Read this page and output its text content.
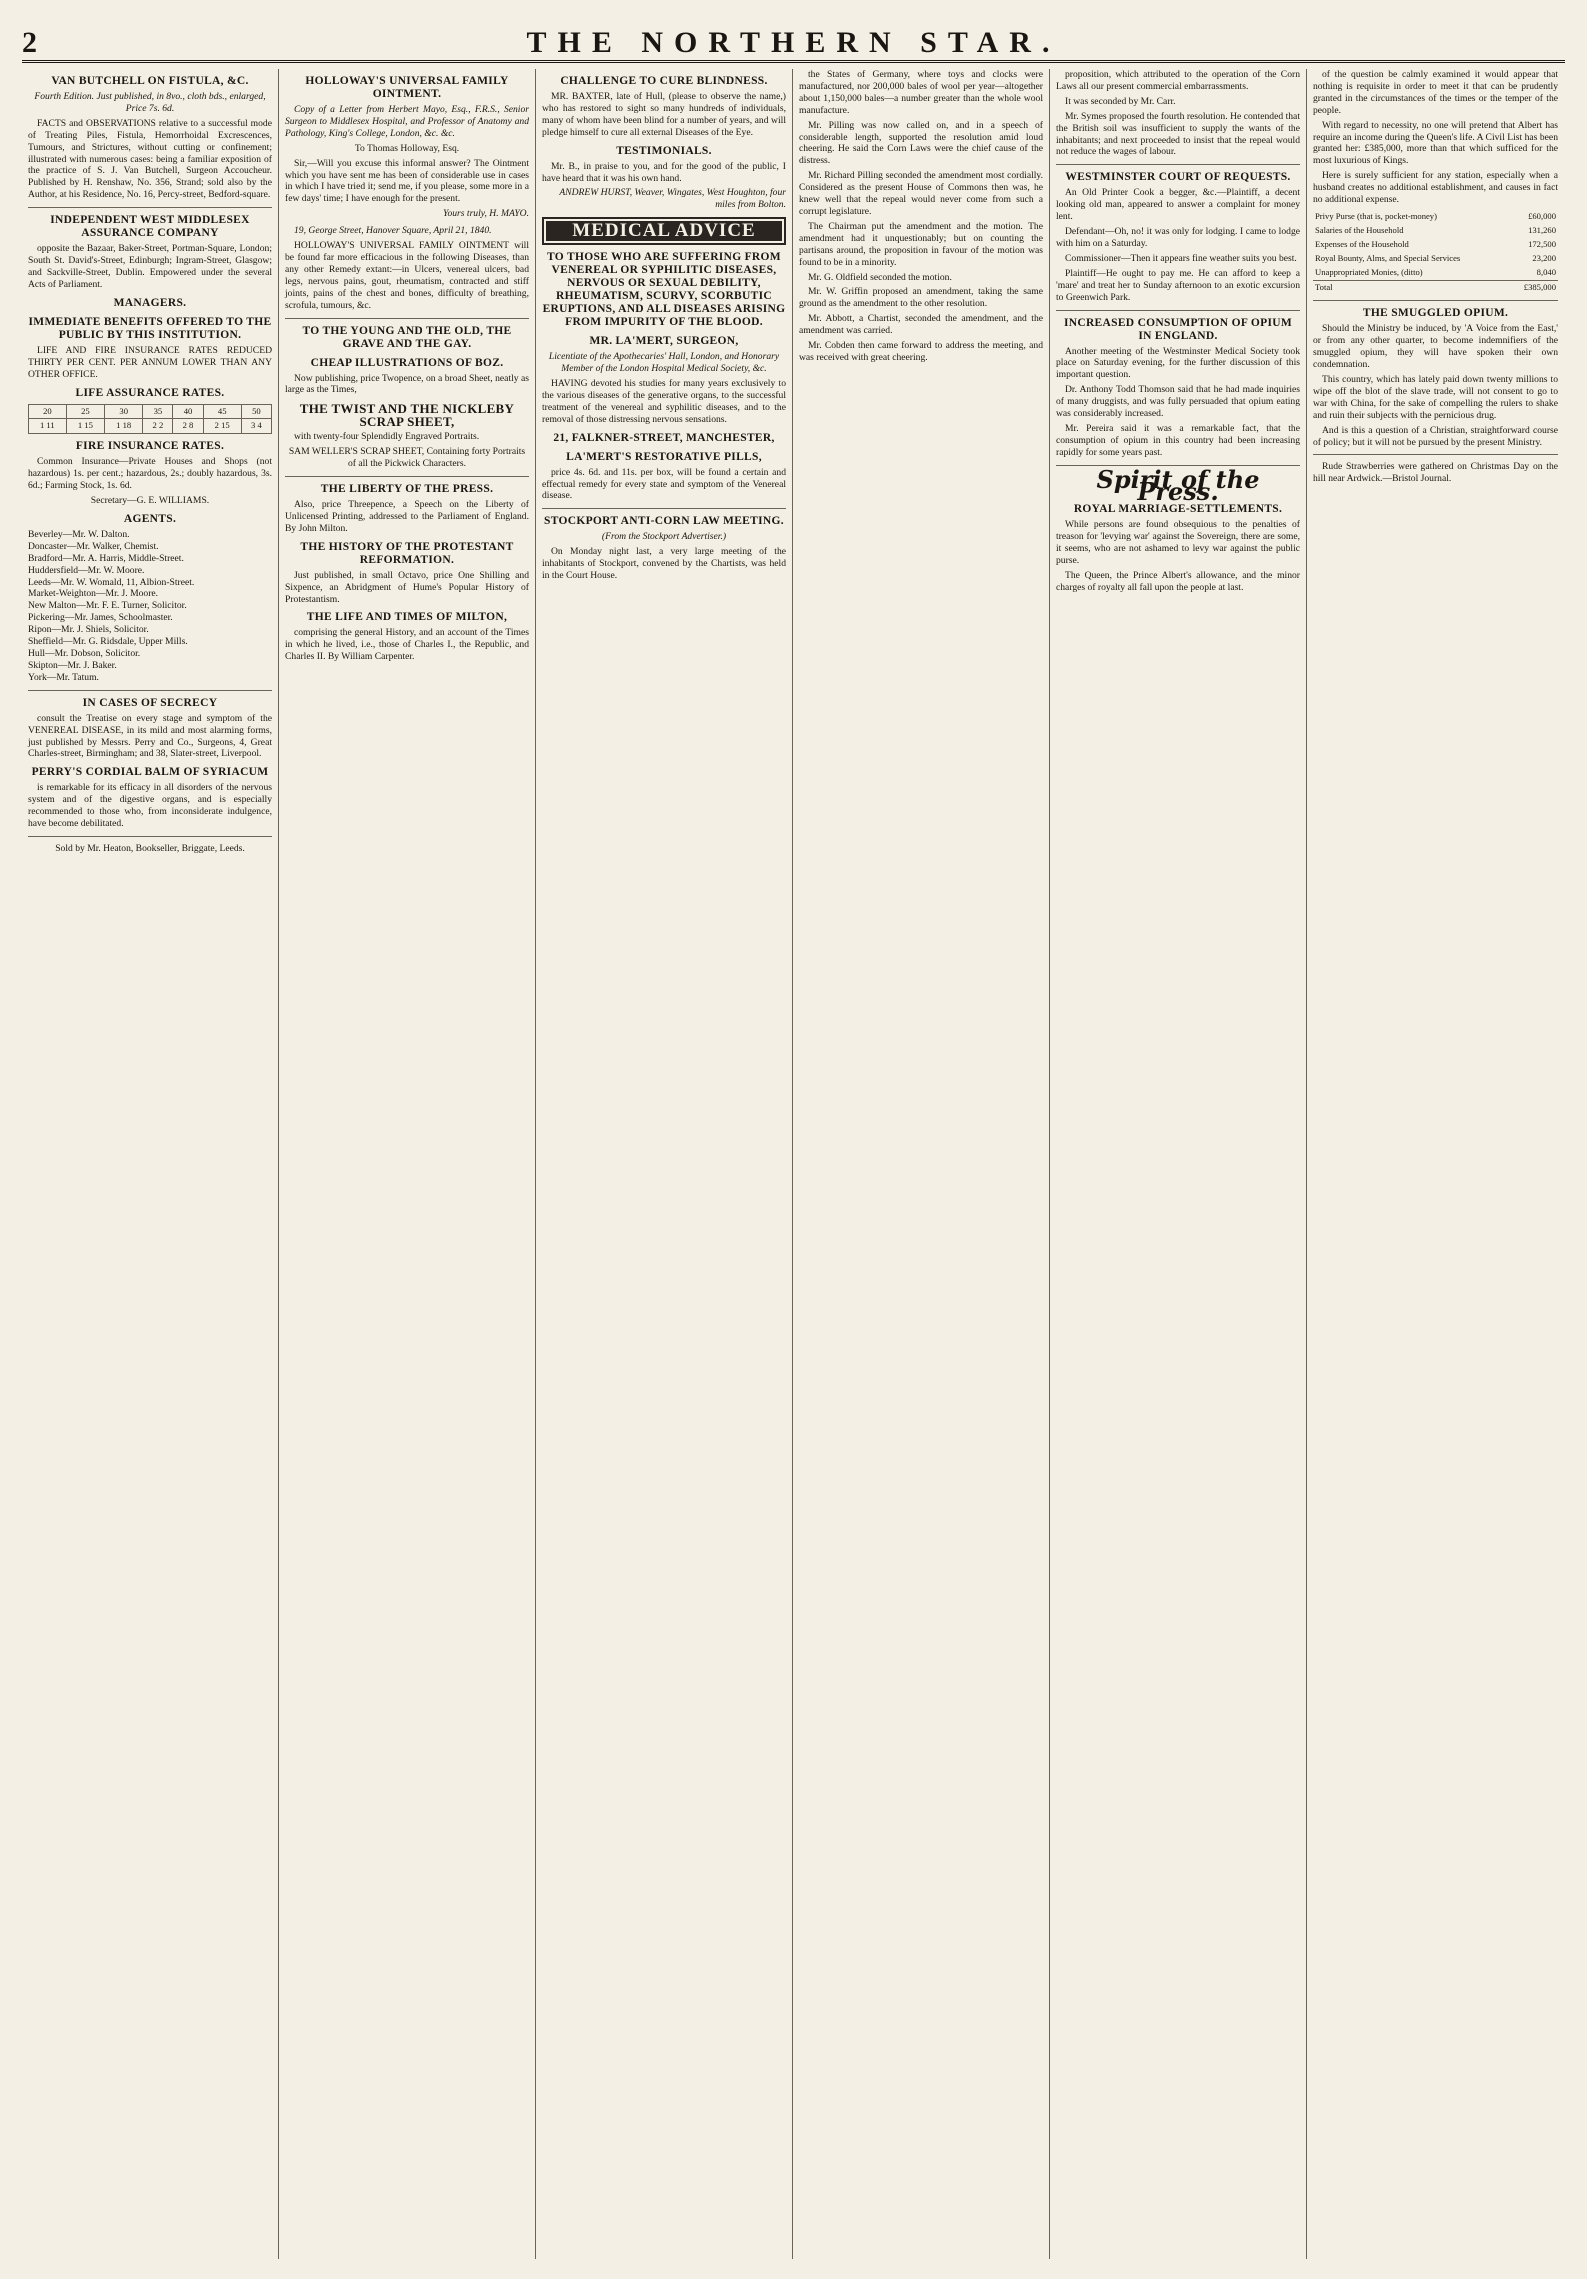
2	THE NORTHERN STAR.
VAN BUTCHELL ON FISTULA, &C.

Fourth Edition. Just published, in 8vo., cloth bds., enlarged, Price 7s. 6d.

FACTS and OBSERVATIONS relative to a successful mode of Treating Piles, Fistula, Hemorrhoidal Excrescences, Tumours, and Strictures, without cutting or confinement; illustrated with numerous cases: being a familiar exposition of the practice of S. J. Van Butchell, Surgeon Accoucheur. Published by H. Renshaw, No. 356, Strand; sold also by the Author, at his Residence, No. 16, Percy-street, Bedford-square.

INDEPENDENT WEST MIDDLESEX ASSURANCE COMPANY

opposite the Bazaar, Baker-Street, Portman-Square, London; South St. David's-Street, Edinburgh; Ingram-Street, Glasgow; and Sackville-Street, Dublin. Empowered under the several Acts of Parliament.

MANAGERS.
IMMEDIATE BENEFITS OFFERED TO THE PUBLIC BY THIS INSTITUTION.

LIFE AND FIRE INSURANCE RATES REDUCED THIRTY PER CENT. PER ANNUM LOWER THAN ANY OTHER OFFICE.

LIFE ASSURANCE RATES.
20	25	30	35	40	45	50
1 11	1 15	1 18	2 2	2 8	2 15	3 4
FIRE INSURANCE RATES.

Common Insurance—Private Houses and Shops (not hazardous) 1s. per cent.; hazardous, 2s.; doubly hazardous, 3s. 6d.; Farming Stock, 1s. 6d.

Secretary—G. E. WILLIAMS.

AGENTS.
Beverley—Mr. W. Dalton.
Doncaster—Mr. Walker, Chemist.
Bradford—Mr. A. Harris, Middle-Street.
Huddersfield—Mr. W. Moore.
Leeds—Mr. W. Womald, 11, Albion-Street.
Market-Weighton—Mr. J. Moore.
New Malton—Mr. F. E. Turner, Solicitor.
Pickering—Mr. James, Schoolmaster.
Ripon—Mr. J. Shiels, Solicitor.
Sheffield—Mr. G. Ridsdale, Upper Mills.
Hull—Mr. Dobson, Solicitor.
Skipton—Mr. J. Baker.
York—Mr. Tatum.
IN CASES OF SECRECY

consult the Treatise on every stage and symptom of the VENEREAL DISEASE, in its mild and most alarming forms, just published by Messrs. Perry and Co., Surgeons, 4, Great Charles-street, Birmingham; and 38, Slater-street, Liverpool.

PERRY'S CORDIAL BALM OF SYRIACUM

is remarkable for its efficacy in all disorders of the nervous system and of the digestive organs, and is especially recommended to those who, from inconsiderate indulgence, have become debilitated.

Sold by Mr. Heaton, Bookseller, Briggate, Leeds.

HOLLOWAY'S UNIVERSAL FAMILY OINTMENT.

Copy of a Letter from Herbert Mayo, Esq., F.R.S., Senior Surgeon to Middlesex Hospital, and Professor of Anatomy and Pathology, King's College, London, &c. &c.

To Thomas Holloway, Esq.

Sir,—Will you excuse this informal answer? The Ointment which you have sent me has been of considerable use in cases in which I have tried it; send me, if you please, some more in a few days' time; I have enough for the present.

Yours truly, H. MAYO.

19, George Street, Hanover Square, April 21, 1840.

HOLLOWAY'S UNIVERSAL FAMILY OINTMENT will be found far more efficacious in the following Diseases, than any other Remedy extant:—in Ulcers, venereal ulcers, bad legs, nervous pains, gout, rheumatism, contracted and stiff joints, pains of the chest and bones, difficulty of breathing, scrofula, tumours, &c.

TO THE YOUNG AND THE OLD, THE GRAVE AND THE GAY.
CHEAP ILLUSTRATIONS OF BOZ.

Now publishing, price Twopence, on a broad Sheet, neatly as large as the Times,

THE TWIST AND THE NICKLEBY SCRAP SHEET,

with twenty-four Splendidly Engraved Portraits.

SAM WELLER'S SCRAP SHEET, Containing forty Portraits of all the Pickwick Characters.

THE LIBERTY OF THE PRESS.

Also, price Threepence, a Speech on the Liberty of Unlicensed Printing, addressed to the Parliament of England. By John Milton.

THE HISTORY OF THE PROTESTANT REFORMATION.

Just published, in small Octavo, price One Shilling and Sixpence, an Abridgment of Hume's Popular History of Protestantism.

THE LIFE AND TIMES OF MILTON,

comprising the general History, and an account of the Times in which he lived, i.e., those of Charles I., the Republic, and Charles II. By William Carpenter.

CHALLENGE TO CURE BLINDNESS.

MR. BAXTER, late of Hull, (please to observe the name,) who has restored to sight so many hundreds of individuals, many of whom have been blind for a number of years, and will pledge himself to cure all external Diseases of the Eye.

TESTIMONIALS.

Mr. B., in praise to you, and for the good of the public, I have heard that it was his own hand.

ANDREW HURST, Weaver, Wingates, West Houghton, four miles from Bolton.
MEDICAL ADVICE
TO THOSE WHO ARE SUFFERING FROM VENEREAL OR SYPHILITIC DISEASES, NERVOUS OR SEXUAL DEBILITY, RHEUMATISM, SCURVY, SCORBUTIC ERUPTIONS, AND ALL DISEASES ARISING FROM IMPURITY OF THE BLOOD.
MR. LA'MERT, SURGEON,

Licentiate of the Apothecaries' Hall, London, and Honorary Member of the London Hospital Medical Society, &c.

HAVING devoted his studies for many years exclusively to the various diseases of the generative organs, to the successful treatment of the venereal and syphilitic diseases, and to the removal of those distressing nervous sensations.

21, FALKNER-STREET, MANCHESTER,
LA'MERT'S RESTORATIVE PILLS,

price 4s. 6d. and 11s. per box, will be found a certain and effectual remedy for every state and symptom of the Venereal disease.

STOCKPORT ANTI-CORN LAW MEETING.

(From the Stockport Advertiser.)

On Monday night last, a very large meeting of the inhabitants of Stockport, convened by the Chartists, was held in the Court House.

the States of Germany, where toys and clocks were manufactured, nor 200,000 bales of wool per year—altogether about 1,150,000 bales—a number greater than the whole wool manufacture.

Mr. Pilling was now called on, and in a speech of considerable length, supported the resolution amid loud cheering. He said the Corn Laws were the chief cause of the distress.

Mr. Richard Pilling seconded the amendment most cordially. Considered as the present House of Commons then was, he knew well that the repeal would never come from such a corrupt legislature.

The Chairman put the amendment and the motion. The amendment had it unquestionably; but on counting the partisans around, the proposition in favour of the motion was found to be in a minority.

Mr. G. Oldfield seconded the motion.

Mr. W. Griffin proposed an amendment, taking the same ground as the amendment to the other resolution.

Mr. Abbott, a Chartist, seconded the amendment, and the amendment was carried.

Mr. Cobden then came forward to address the meeting, and was received with great cheering.

proposition, which attributed to the operation of the Corn Laws all our present commercial embarrassments.

It was seconded by Mr. Carr.

Mr. Symes proposed the fourth resolution. He contended that the British soil was insufficient to supply the wants of the inhabitants; and next proceeded to insist that the repeal would not reduce the wages of labour.

WESTMINSTER COURT OF REQUESTS.

An Old Printer Cook a begger, &c.—Plaintiff, a decent looking old man, appeared to answer a complaint for money lent.

Defendant—Oh, no! it was only for lodging. I came to lodge with him on a Saturday.

Commissioner—Then it appears fine weather suits you best.

Plaintiff—He ought to pay me. He can afford to keep a 'mare' and treat her to Sunday afternoon to an exotic excursion to Greenwich Park.

INCREASED CONSUMPTION OF OPIUM IN ENGLAND.

Another meeting of the Westminster Medical Society took place on Saturday evening, for the further discussion of this important question.

Dr. Anthony Todd Thomson said that he had made inquiries of many druggists, and was fully persuaded that opium eating was considerably increased.

Mr. Pereira said it was a remarkable fact, that the consumption of opium in this country had been increasing rapidly for some years past.

Spirit of the Press.
ROYAL MARRIAGE-SETTLEMENTS.

While persons are found obsequious to the penalties of treason for 'levying war' against the Sovereign, there are some, it seems, who are not ashamed to levy war against the public purse.

The Queen, the Prince Albert's allowance, and the minor charges of royalty all fall upon the people at last.

of the question be calmly examined it would appear that nothing is requisite in order to meet it that can be prudently granted in the circumstances of the times or the temper of the people.

With regard to necessity, no one will pretend that Albert has require an income during the Queen's life. A Civil List has been granted her: £385,000, more than that which sufficed for the most luxurious of Kings.

Here is surely sufficient for any station, especially when a husband creates no additional establishment, and causes in fact no additional expense.

Privy Purse (that is, pocket-money)	£60,000
Salaries of the Household	131,260
Expenses of the Household	172,500
Royal Bounty, Alms, and Special Services	23,200
Unappropriated Monies, (ditto)	8,040
Total	£385,000
THE SMUGGLED OPIUM.

Should the Ministry be induced, by 'A Voice from the East,' or from any other quarter, to become indemnifiers of the smuggled opium, they will have spoken their own condemnation.

This country, which has lately paid down twenty millions to wipe off the blot of the slave trade, will not consent to go to war with China, for the sake of compelling the rulers to shake and ruin their subjects with the pernicious drug.

And is this a question of a Christian, straightforward course of policy; but it will not be pursued by the present Ministry.

Rude Strawberries were gathered on Christmas Day on the hill near Ardwick.—Bristol Journal.
